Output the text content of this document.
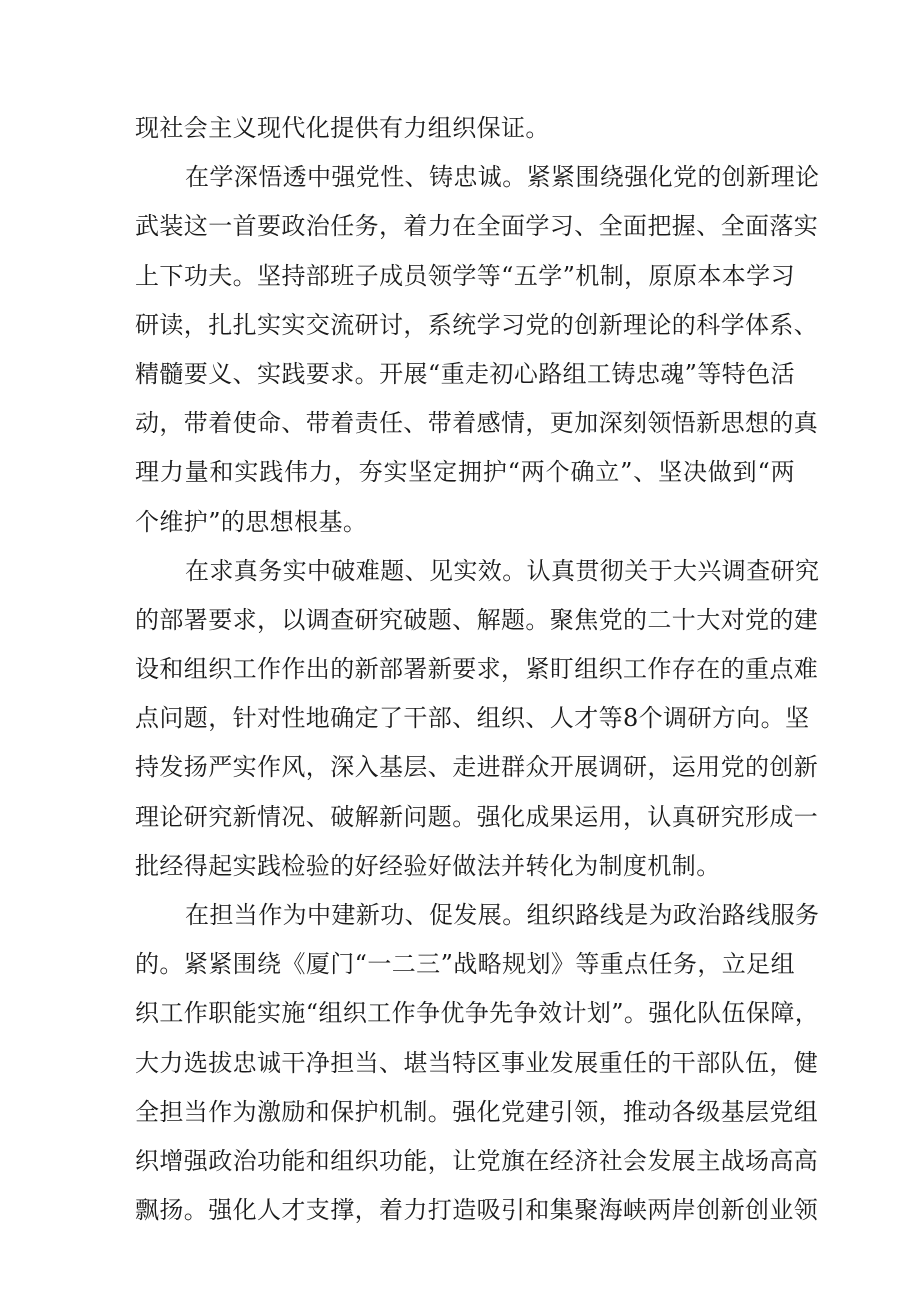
现社会主义现代化提供有力组织保证。
在学深悟透中强党性、铸忠诚。紧紧围绕强化党的创新理论
武装这一首要政治任务，着力在全面学习、全面把握、全面落实
上下功夫。坚持部班子成员领学等“五学”机制，原原本本学习
研读，扎扎实实交流研讨，系统学习党的创新理论的科学体系、
精髓要义、实践要求。开展“重走初心路组工铸忠魂”等特色活
动，带着使命、带着责任、带着感情，更加深刻领悟新思想的真
理力量和实践伟力，夯实坚定拥护“两个确立”、坚决做到“两
个维护”的思想根基。
在求真务实中破难题、见实效。认真贯彻关于大兴调查研究
的部署要求，以调查研究破题、解题。聚焦党的二十大对党的建
设和组织工作作出的新部署新要求，紧盯组织工作存在的重点难
点问题，针对性地确定了干部、组织、人才等8个调研方向。坚
持发扬严实作风，深入基层、走进群众开展调研，运用党的创新
理论研究新情况、破解新问题。强化成果运用，认真研究形成一
批经得起实践检验的好经验好做法并转化为制度机制。
在担当作为中建新功、促发展。组织路线是为政治路线服务
的。紧紧围绕《厦门“一二三”战略规划》等重点任务，立足组
织工作职能实施“组织工作争优争先争效计划”。强化队伍保障，
大力选拔忠诚干净担当、堪当特区事业发展重任的干部队伍，健
全担当作为激励和保护机制。强化党建引领，推动各级基层党组
织增强政治功能和组织功能，让党旗在经济社会发展主战场高高
飘扬。强化人才支撑，着力打造吸引和集聚海峡两岸创新创业领
